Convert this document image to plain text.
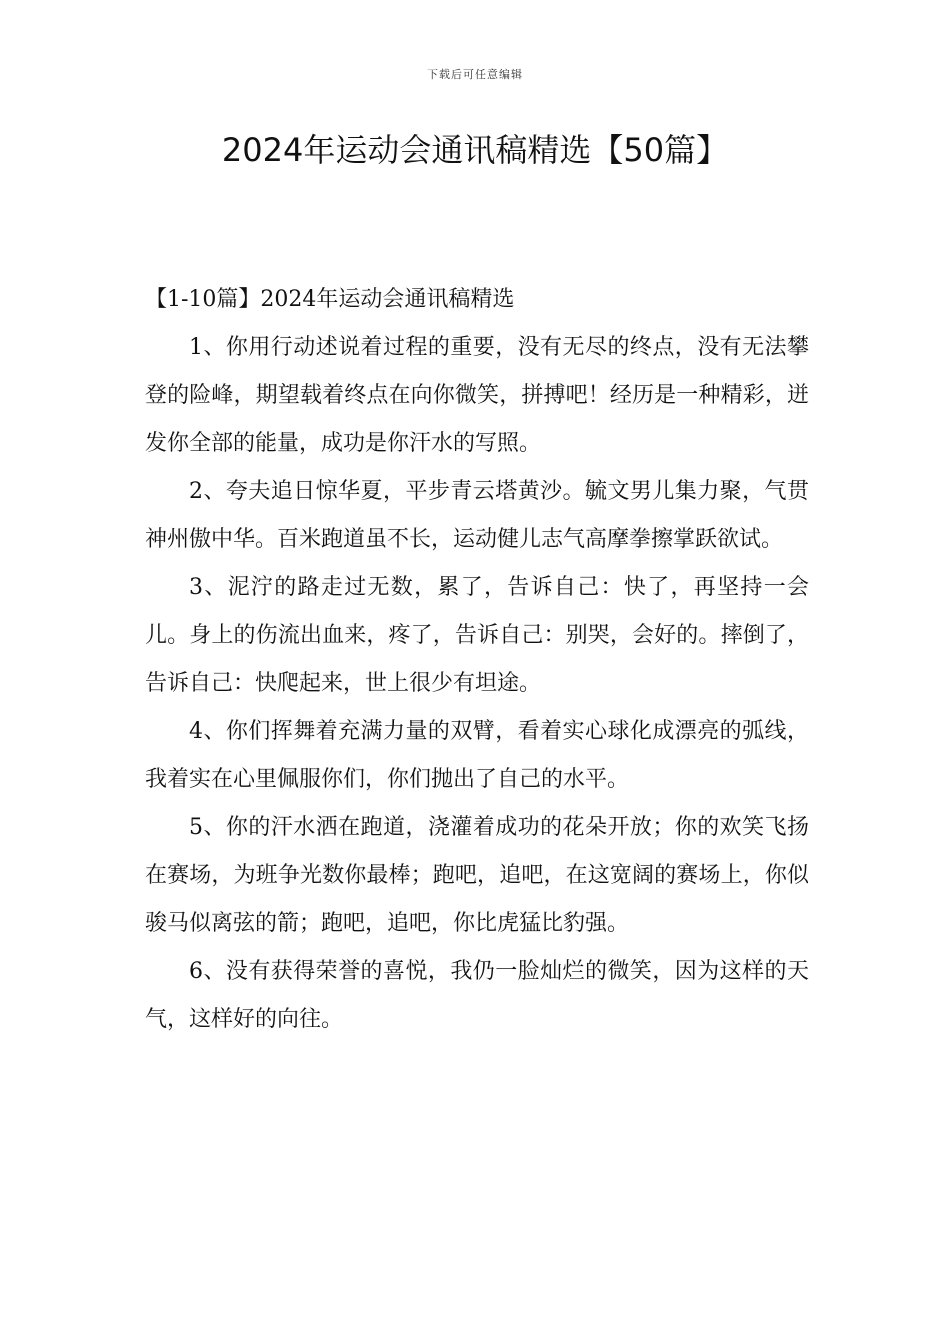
下载后可任意编辑
2024年运动会通讯稿精选【50篇】

【1-10篇】2024年运动会通讯稿精选

1、你用行动述说着过程的重要，没有无尽的终点，没有无法攀登的险峰，期望载着终点在向你微笑，拼搏吧！经历是一种精彩，迸发你全部的能量，成功是你汗水的写照。

2、夸夫追日惊华夏，平步青云塔黄沙。毓文男儿集力聚，气贯神州傲中华。百米跑道虽不长，运动健儿志气高摩拳擦掌跃欲试。

3、泥泞的路走过无数，累了，告诉自己：快了，再坚持一会儿。身上的伤流出血来，疼了，告诉自己：别哭，会好的。摔倒了，告诉自己：快爬起来，世上很少有坦途。

4、你们挥舞着充满力量的双臂，看着实心球化成漂亮的弧线，我着实在心里佩服你们，你们抛出了自己的水平。

5、你的汗水洒在跑道，浇灌着成功的花朵开放；你的欢笑飞扬在赛场，为班争光数你最棒；跑吧，追吧，在这宽阔的赛场上，你似骏马似离弦的箭；跑吧，追吧，你比虎猛比豹强。

6、没有获得荣誉的喜悦，我仍一脸灿烂的微笑，因为这样的天气，这样好的向往。
